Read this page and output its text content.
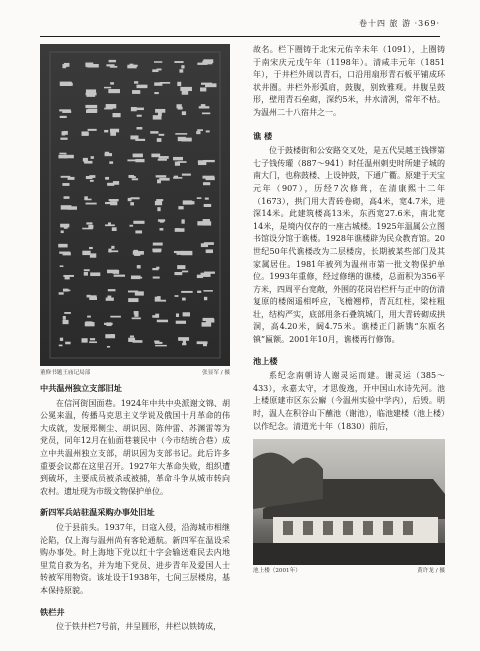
卷十四 旅 游 ·369·
董修书题王庙记局部	张显军 / 摄
中共温州独立支部旧址

在信河街国面巷。1924年中共中央派谢文锦、胡公冕来温，传播马克思主义学说及俄国十月革命的伟大成就，发展郑侧尘、胡识因、陈仲雷、苏渊雷等为党员，同年12月在仙面巷蓑民中（今市结统合巷）成立中共温州独立支部，胡识因为支部书记。此后许多重要会议都在这里召开。1927年大革命失败，组织遭到破坏，主要成员被杀或被捕，革命斗争从城市转向农村。遗址现为市级文物保护单位。

新四军兵站驻温采购办事处旧址

位于县前头。1937年，日寇入侵，沿海城市相继沦陷，仅上海与温州尚有客轮通航。新四军在温设采购办事处。时上海地下党以红十字会输送难民去内地里荒自救为名，并为地下党员、进步青年及爱国人士转被军用物资。该址设于1938年，七间三层楼房，基本保持原貌。

铁栏井

位于铁井栏7号前，井呈圆形，井栏以铁铸成，

故名。栏下圈铸于北宋元佑辛未年（1091），上圈铸于南宋庆元戊午年（1198年）。清咸丰元年（1851年），于井栏外周以青石，口沿用扇形青石板平铺成环状井圈。井栏外形弧肩，鼓腹，别致雅观。井腹呈鼓形，壁用青石垒砌，深约5米，井水清冽，常年不枯。为温州二十八宿井之一。

谯 楼

位于鼓楼街和公安路交叉处，是五代吴越王钱镠第七子钱传瓘（887～941）时任温州刺史时所建子城的南大门，也称鼓楼、上设钟鼓，下通广衢。原建于天宝元年（907），历经7次修葺，在清康熙十二年（1673），拱门用大青砖卷砌，高4米，宽4.7米，进深14米。此建筑楼高13米，东西宽27.6米，南北宽14米，是境内仅存的一座古城楼。1925年温属公立图书馆设分馆于谯楼。1928年谯楼辟为民众教育馆。20世纪50年代谯楼改为二层楼房，长期被某些部门及其家属居住。1981年被列为温州市第一批文物保护单位。1993年重修，经过修缮的谯楼，总面积为356平方米，四周平台宽敞，外围的花岗岩栏杆与正中的仿清复原的楼阁遥相呼应，飞檐翘栉，青瓦红柱，梁柱粗壮，结构严实，底部用条石叠筑城门，用大青砖砌成拱洞，高4.20米，阔4.75米。谯楼正门新镌“东瓯名镇”匾额。2001年10月，谯楼再行修饰。

池上楼

系纪念南朝诗人谢灵运而建。谢灵运（385～433），永嘉太守，才思俊逸，开中国山水诗先河。池上楼原建市区东公廨（今温州实验中学内），后毁。明时，温人在积谷山下蘸池（谢池），临池建楼（池上楼）以作纪念。清道光十年（1830）前后，

池上楼（2001年）	黄许龙 / 摄
